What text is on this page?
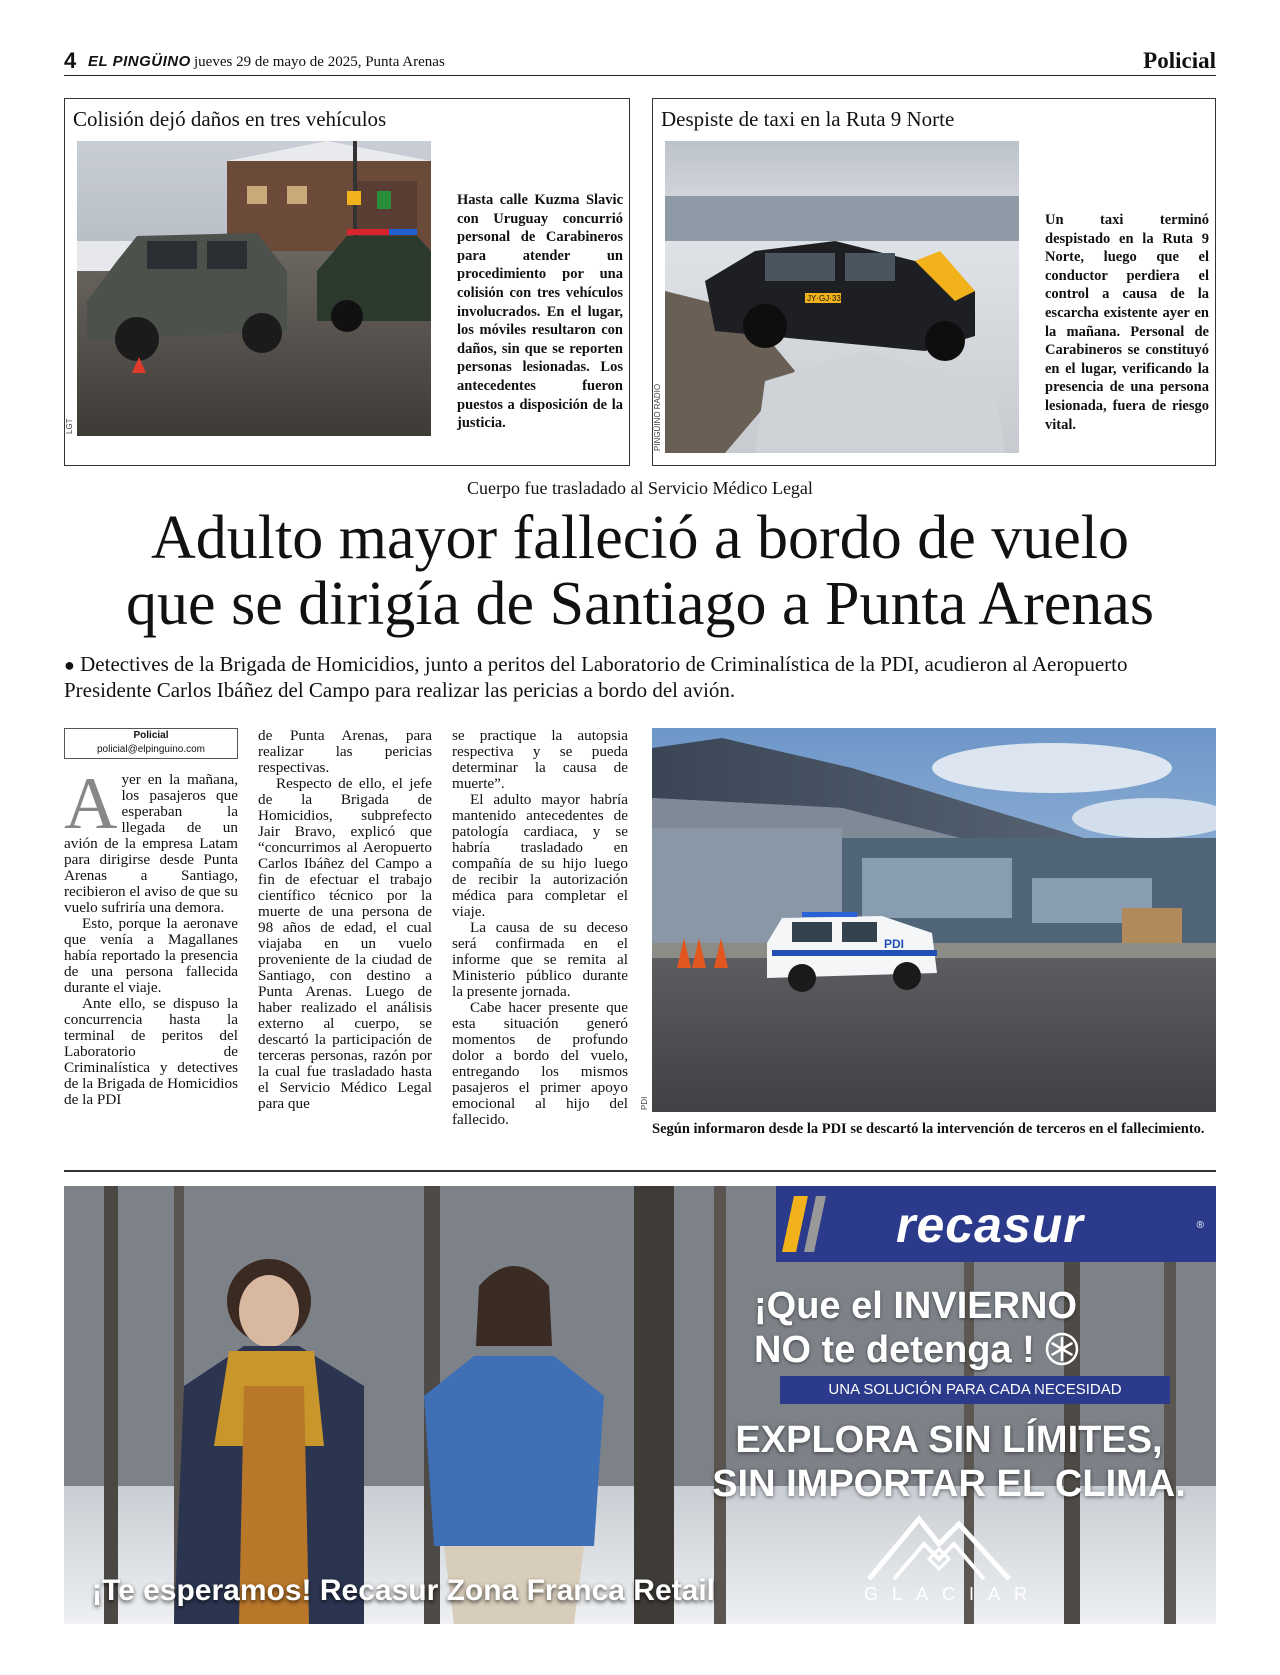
4 EL PINGÜINO jueves 29 de mayo de 2025, Punta Arenas	Policial
Colisión dejó daños en tres vehículos
LGT
Hasta calle Kuzma Slavic con Uruguay concurrió personal de Carabineros para atender un procedimiento por una colisión con tres vehículos involucrados. En el lugar, los móviles resultaron con daños, sin que se reporten personas lesionadas. Los antecedentes fueron puestos a disposición de la justicia.
Despiste de taxi en la Ruta 9 Norte
JY·GJ·33
PINGÜINO RADIO
Un taxi terminó despistado en la Ruta 9 Norte, luego que el conductor perdiera el control a causa de la escarcha existente ayer en la mañana. Personal de Carabineros se constituyó en el lugar, verificando la presencia de una persona lesionada, fuera de riesgo vital.
Cuerpo fue trasladado al Servicio Médico Legal
Adulto mayor falleció a bordo de vuelo
que se dirigía de Santiago a Punta Arenas
● Detectives de la Brigada de Homicidios, junto a peritos del Laboratorio de Criminalística de la PDI, acudieron al Aeropuerto Presidente Carlos Ibáñez del Campo para realizar las pericias a bordo del avión.
Policial
policial@elpinguino.com

Ayer en la mañana, los pasajeros que esperaban la llegada de un avión de la empresa Latam para dirigirse desde Punta Arenas a Santiago, recibieron el aviso de que su vuelo sufriría una demora.

Esto, porque la aeronave que venía a Magallanes había reportado la presencia de una persona fallecida durante el viaje.

Ante ello, se dispuso la concurrencia hasta la terminal de peritos del Laboratorio de Criminalística y detectives de la Brigada de Homicidios de la PDI

de Punta Arenas, para realizar las pericias respectivas.

Respecto de ello, el jefe de la Brigada de Homicidios, subprefecto Jair Bravo, explicó que “concurrimos al Aeropuerto Carlos Ibáñez del Campo a fin de efectuar el trabajo científico técnico por la muerte de una persona de 98 años de edad, el cual viajaba en un vuelo proveniente de la ciudad de Santiago, con destino a Punta Arenas. Luego de haber realizado el análisis externo al cuerpo, se descartó la participación de terceras personas, razón por la cual fue trasladado hasta el Servicio Médico Legal para que

se practique la autopsia respectiva y se pueda determinar la causa de muerte”.

El adulto mayor habría mantenido antecedentes de patología cardiaca, y se habría trasladado en compañía de su hijo luego de recibir la autorización médica para completar el viaje.

La causa de su deceso será confirmada en el informe que se remita al Ministerio público durante la presente jornada.

Cabe hacer presente que esta situación generó momentos de profundo dolor a bordo del vuelo, entregando los mismos pasajeros el primer apoyo emocional al hijo del fallecido.

PDI
PDI
Según informaron desde la PDI se descartó la intervención de terceros en el fallecimiento.
recasur	®
¡Que el INVIERNO
NO te detenga !
UNA SOLUCIÓN PARA CADA NECESIDAD
EXPLORA SIN LÍMITES,
SIN IMPORTAR EL CLIMA.
GLACIAR
¡Te esperamos! Recasur Zona Franca Retail
